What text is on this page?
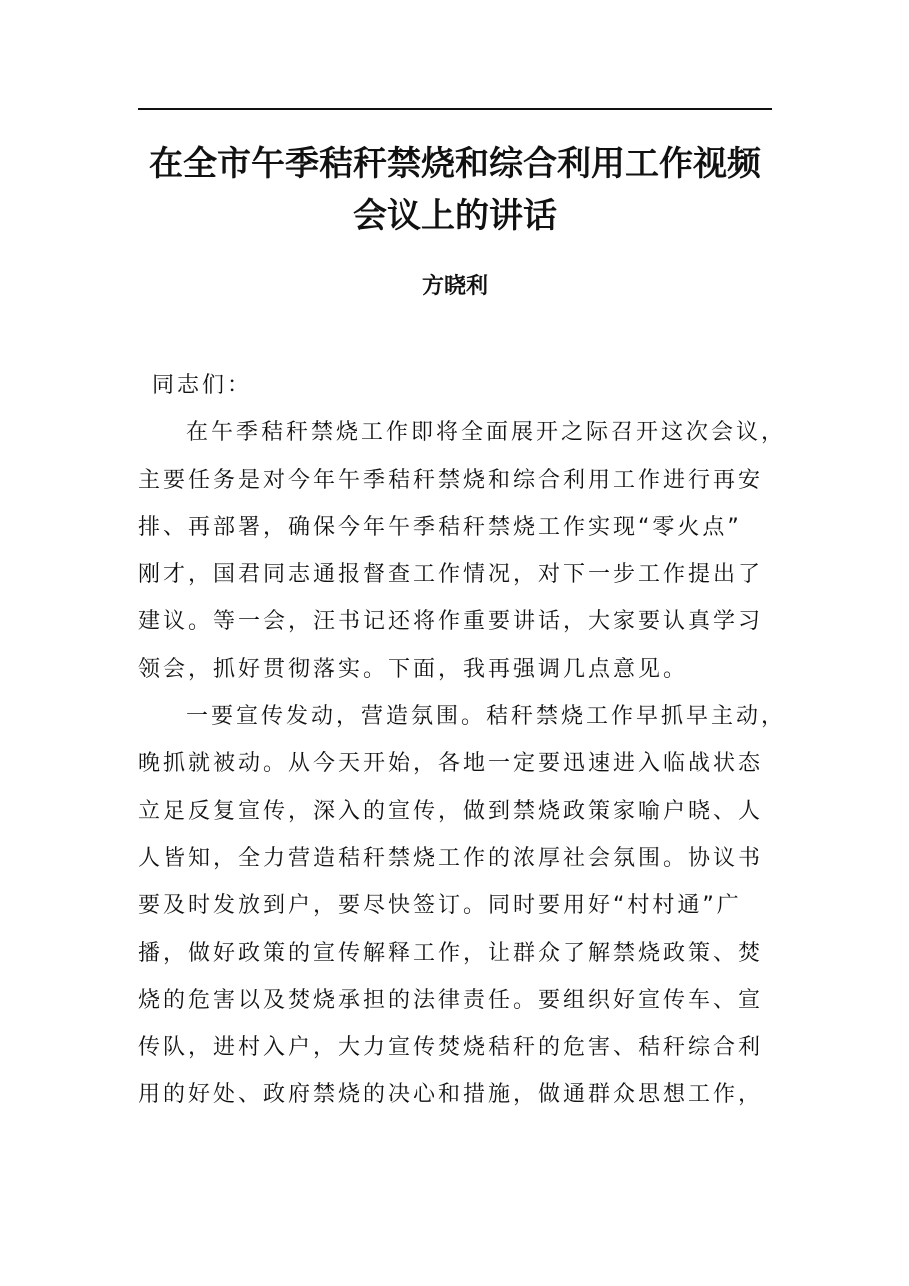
在全市午季秸秆禁烧和综合利用工作视频
会议上的讲话
方晓利
同志们：
在午季秸秆禁烧工作即将全面展开之际召开这次会议，
主要任务是对今年午季秸秆禁烧和综合利用工作进行再安
排、再部署，确保今年午季秸秆禁烧工作实现“零火点”
刚才，国君同志通报督查工作情况，对下一步工作提出了
建议。等一会，汪书记还将作重要讲话，大家要认真学习
领会，抓好贯彻落实。下面，我再强调几点意见。
一要宣传发动，营造氛围。秸秆禁烧工作早抓早主动，
晚抓就被动。从今天开始，各地一定要迅速进入临战状态
立足反复宣传，深入的宣传，做到禁烧政策家喻户晓、人
人皆知，全力营造秸秆禁烧工作的浓厚社会氛围。协议书
要及时发放到户，要尽快签订。同时要用好“村村通”广
播，做好政策的宣传解释工作，让群众了解禁烧政策、焚
烧的危害以及焚烧承担的法律责任。要组织好宣传车、宣
传队，进村入户，大力宣传焚烧秸秆的危害、秸秆综合利
用的好处、政府禁烧的决心和措施，做通群众思想工作，
